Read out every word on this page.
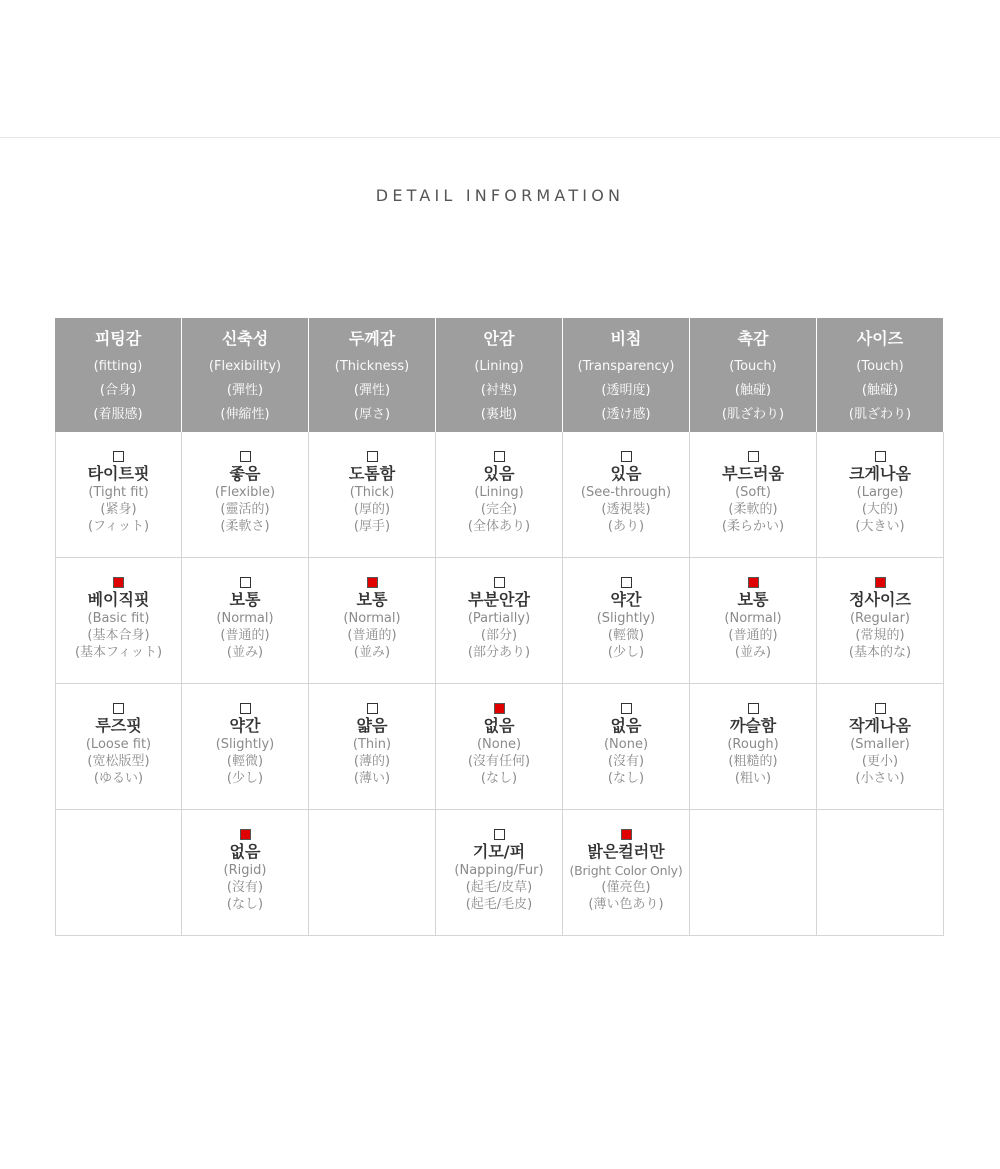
DETAIL INFORMATION
피팅감
(fitting)
(合身)
(着服感)
신축성
(Flexibility)
(彈性)
(伸縮性)
두께감
(Thickness)
(彈性)
(厚さ)
안감
(Lining)
(衬垫)
(裏地)
비침
(Transparency)
(透明度)
(透け感)
촉감
(Touch)
(触碰)
(肌ざわり)
사이즈
(Touch)
(触碰)
(肌ざわり)
타이트핏
(Tight fit)
(紧身)
(フィット)
좋음
(Flexible)
(靈活的)
(柔軟さ)
도톰함
(Thick)
(厚的)
(厚手)
있음
(Lining)
(完全)
(全体あり)
있음
(See-through)
(透視裝)
(あり)
부드러움
(Soft)
(柔軟的)
(柔らかい)
크게나옴
(Large)
(大的)
(大きい)
베이직핏
(Basic fit)
(基本合身)
(基本フィット)
보통
(Normal)
(普通的)
(並み)
보통
(Normal)
(普通的)
(並み)
부분안감
(Partially)
(部分)
(部分あり)
약간
(Slightly)
(輕微)
(少し)
보통
(Normal)
(普通的)
(並み)
정사이즈
(Regular)
(常規的)
(基本的な)
루즈핏
(Loose fit)
(宽松版型)
(ゆるい)
약간
(Slightly)
(輕微)
(少し)
얇음
(Thin)
(薄的)
(薄い)
없음
(None)
(沒有任何)
(なし)
없음
(None)
(沒有)
(なし)
까슬함
(Rough)
(粗糙的)
(粗い)
작게나옴
(Smaller)
(更小)
(小さい)
없음
(Rigid)
(沒有)
(なし)
기모/퍼
(Napping/Fur)
(起毛/皮草)
(起毛/毛皮)
밝은컬러만
(Bright Color Only)
(僅亮色)
(薄い色あり)
